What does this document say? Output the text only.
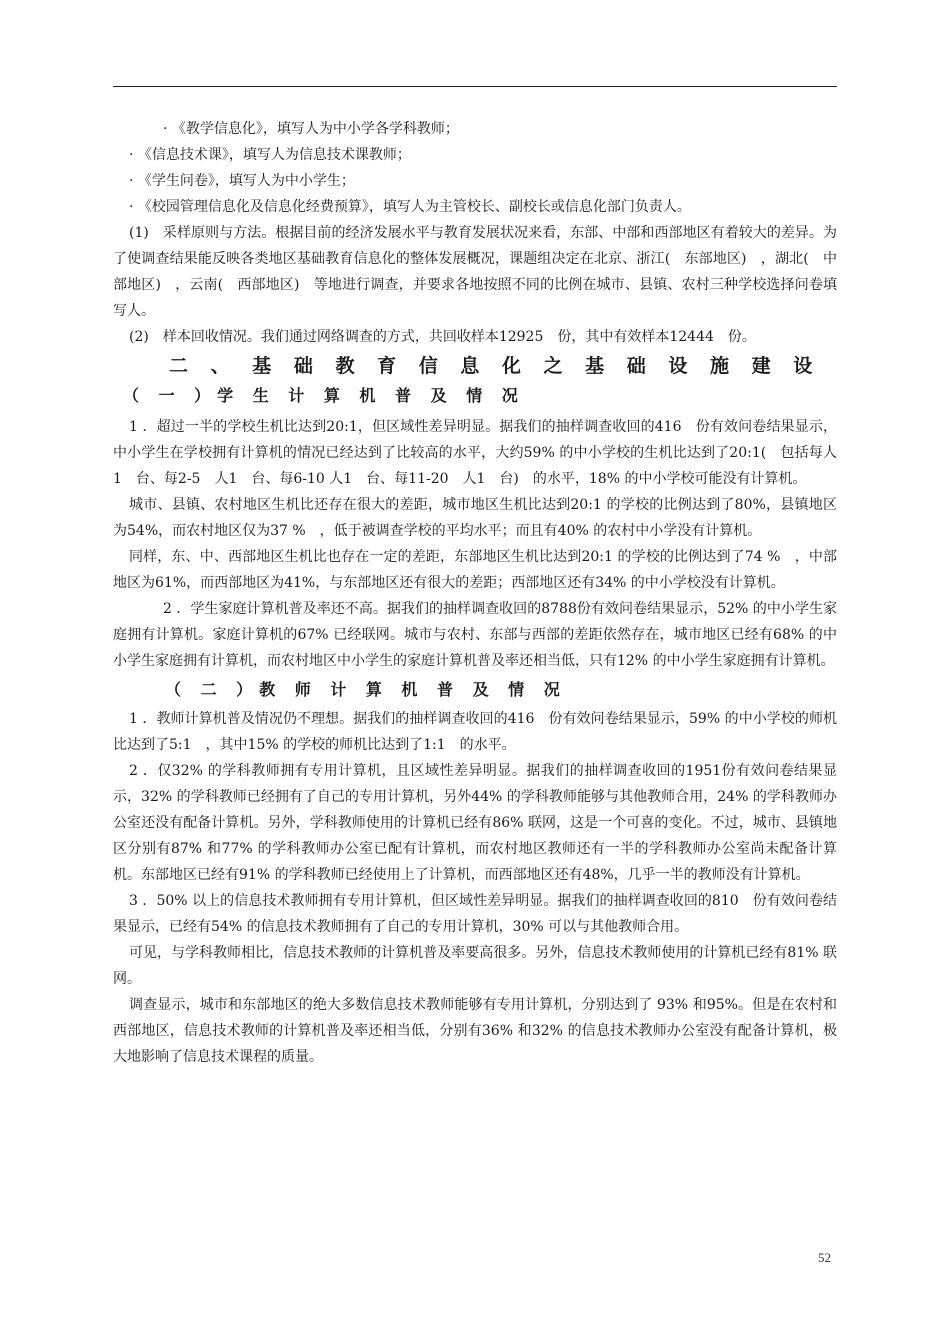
· 《教学信息化》，填写人为中小学各学科教师；

· 《信息技术课》，填写人为信息技术课教师；

· 《学生问卷》，填写人为中小学生；

· 《校园管理信息化及信息化经费预算》，填写人为主管校长、副校长或信息化部门负责人。

(1)　采样原则与方法。根据目前的经济发展水平与教育发展状况来看，东部、中部和西部地区有着较大的差异。为了使调查结果能反映各类地区基础教育信息化的整体发展概况，课题组决定在北京、浙江(　东部地区)　，湖北(　中部地区)　，云南(　西部地区)　等地进行调查，并要求各地按照不同的比例在城市、县镇、农村三种学校选择问卷填写人。

(2)　样本回收情况。我们通过网络调查的方式，共回收样本12925　份，其中有效样本12444　份。

二 、 基 础 教 育 信 息 化 之 基 础 设 施 建 设
（ 一 ）学 生 计 算 机 普 及 情 况

1 ．超过一半的学校生机比达到20:1，但区域性差异明显。据我们的抽样调查收回的416　份有效问卷结果显示，中小学生在学校拥有计算机的情况已经达到了比较高的水平，大约59% 的中小学校的生机比达到了20:1(　包括每人1　台、每2-5　人1　台、每6-10 人1　台、每11-20　人1　台)　的水平，18% 的中小学校可能没有计算机。

城市、县镇、农村地区生机比还存在很大的差距，城市地区生机比达到20:1 的学校的比例达到了80%，县镇地区为54%，而农村地区仅为37 %　，低于被调查学校的平均水平；而且有40% 的农村中小学没有计算机。

同样，东、中、西部地区生机比也存在一定的差距，东部地区生机比达到20:1 的学校的比例达到了74 %　，中部地区为61%，而西部地区为41%，与东部地区还有很大的差距；西部地区还有34% 的中小学校没有计算机。

2 ．学生家庭计算机普及率还不高。据我们的抽样调查收回的8788份有效问卷结果显示，52% 的中小学生家庭拥有计算机。家庭计算机的67% 已经联网。城市与农村、东部与西部的差距依然存在，城市地区已经有68% 的中小学生家庭拥有计算机，而农村地区中小学生的家庭计算机普及率还相当低，只有12% 的中小学生家庭拥有计算机。

（ 二 ）教 师 计 算 机 普 及 情 况

1 ．教师计算机普及情况仍不理想。据我们的抽样调查收回的416　份有效问卷结果显示，59% 的中小学校的师机比达到了5:1　，其中15% 的学校的师机比达到了1:1　的水平。

2 ．仅32% 的学科教师拥有专用计算机，且区域性差异明显。据我们的抽样调查收回的1951份有效问卷结果显示，32% 的学科教师已经拥有了自己的专用计算机，另外44% 的学科教师能够与其他教师合用，24% 的学科教师办公室还没有配备计算机。另外，学科教师使用的计算机已经有86% 联网，这是一个可喜的变化。不过，城市、县镇地区分别有87% 和77% 的学科教师办公室已配有计算机，而农村地区教师还有一半的学科教师办公室尚未配备计算机。东部地区已经有91% 的学科教师已经使用上了计算机，而西部地区还有48%，几乎一半的教师没有计算机。

3 ．50% 以上的信息技术教师拥有专用计算机，但区域性差异明显。据我们的抽样调查收回的810　份有效问卷结果显示，已经有54% 的信息技术教师拥有了自己的专用计算机，30% 可以与其他教师合用。

可见，与学科教师相比，信息技术教师的计算机普及率要高很多。另外，信息技术教师使用的计算机已经有81% 联网。

调查显示，城市和东部地区的绝大多数信息技术教师能够有专用计算机，分别达到了 93% 和95%。但是在农村和西部地区，信息技术教师的计算机普及率还相当低，分别有36% 和32% 的信息技术教师办公室没有配备计算机，极大地影响了信息技术课程的质量。

52
